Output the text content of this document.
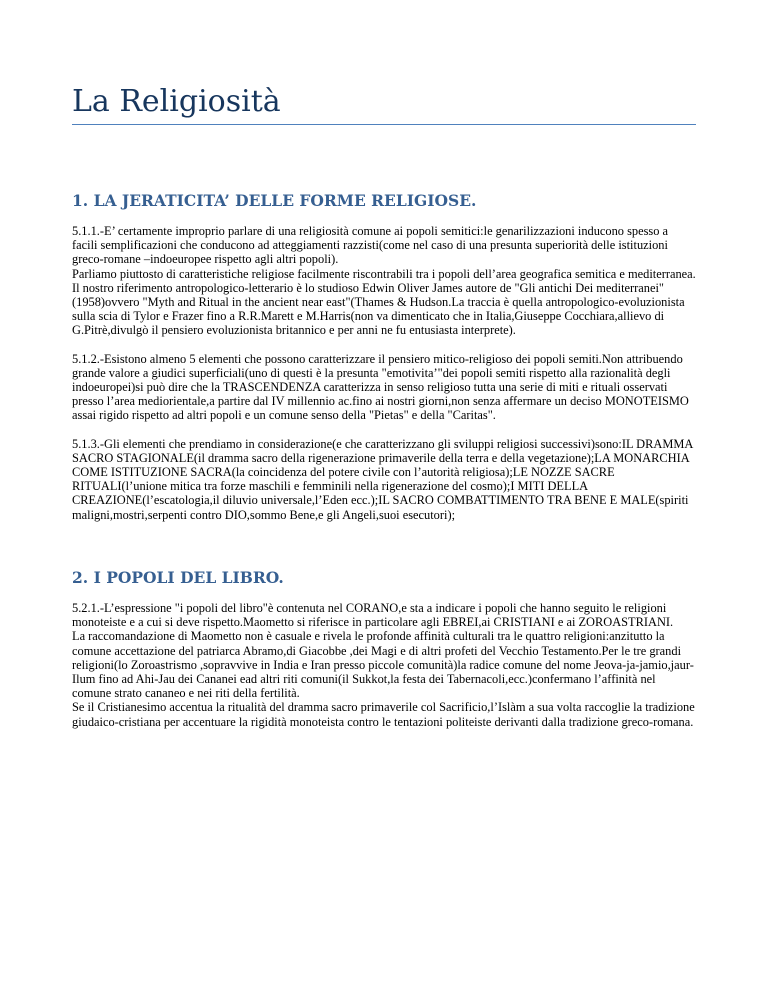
La Religiosità
1. LA JERATICITA’ DELLE FORME RELIGIOSE.

5.1.1.-E’ certamente improprio parlare di una religiosità comune ai popoli semitici:le genarilizzazioni inducono spesso a facili semplificazioni che conducono ad atteggiamenti razzisti(come nel caso di una presunta superiorità delle istituzioni greco-romane –indoeuropee rispetto agli altri popoli).
Parliamo piuttosto di caratteristiche religiose facilmente riscontrabili tra i popoli dell’area geografica semitica e mediterranea.
Il nostro riferimento antropologico-letterario è lo studioso Edwin Oliver James autore de "Gli antichi Dei mediterranei"(1958)ovvero "Myth and Ritual in the ancient near east"(Thames & Hudson.La traccia è quella antropologico-evoluzionista sulla scia di Tylor e Frazer fino a R.R.Marett e M.Harris(non va dimenticato che in Italia,Giuseppe Cocchiara,allievo di G.Pitrè,divulgò il pensiero evoluzionista britannico e per anni ne fu entusiasta interprete).

5.1.2.-Esistono almeno 5 elementi che possono caratterizzare il pensiero mitico-religioso dei popoli semiti.Non attribuendo grande valore a giudici superficiali(uno di questi è la presunta "emotivita’"dei popoli semiti rispetto alla razionalità degli indoeuropei)si può dire che la TRASCENDENZA caratterizza in senso religioso tutta una serie di miti e rituali osservati presso l’area mediorientale,a partire dal IV millennio ac.fino ai nostri giorni,non senza affermare un deciso MONOTEISMO assai rigido rispetto ad altri popoli e un comune senso della "Pietas" e della "Caritas".

5.1.3.-Gli elementi che prendiamo in considerazione(e che caratterizzano gli sviluppi religiosi successivi)sono:IL DRAMMA SACRO STAGIONALE(il dramma sacro della rigenerazione primaverile della terra e della vegetazione);LA MONARCHIA COME ISTITUZIONE SACRA(la coincidenza del potere civile con l’autorità religiosa);LE NOZZE SACRE RITUALI(l’unione mitica tra forze maschili e femminili nella rigenerazione del cosmo);I MITI DELLA CREAZIONE(l’escatologia,il diluvio universale,l’Eden ecc.);IL SACRO COMBATTIMENTO TRA BENE E MALE(spiriti maligni,mostri,serpenti contro DIO,sommo Bene,e gli Angeli,suoi esecutori);

2. I POPOLI DEL LIBRO.

5.2.1.-L’espressione "i popoli del libro"è contenuta nel CORANO,e sta a indicare i popoli che hanno seguito le religioni monoteiste e a cui si deve rispetto.Maometto si riferisce in particolare agli EBREI,ai CRISTIANI e ai ZOROASTRIANI.
La raccomandazione di Maometto non è casuale e rivela le profonde affinità culturali tra le quattro religioni:anzitutto la comune accettazione del patriarca Abramo,di Giacobbe ,dei Magi e di altri profeti del Vecchio Testamento.Per le tre grandi religioni(lo Zoroastrismo ,sopravvive in India e Iran presso piccole comunità)la radice comune del nome Jeova-ja-jamio,jaur-Ilum fino ad Ahi-Jau dei Cananei ead altri riti comuni(il Sukkot,la festa dei Tabernacoli,ecc.)confermano l’affinità nel comune strato cananeo e nei riti della fertilità.
Se il Cristianesimo accentua la ritualità del dramma sacro primaverile col Sacrificio,l’Islàm a sua volta raccoglie la tradizione giudaico-cristiana per accentuare la rigidità monoteista contro le tentazioni politeiste derivanti dalla tradizione greco-romana.
